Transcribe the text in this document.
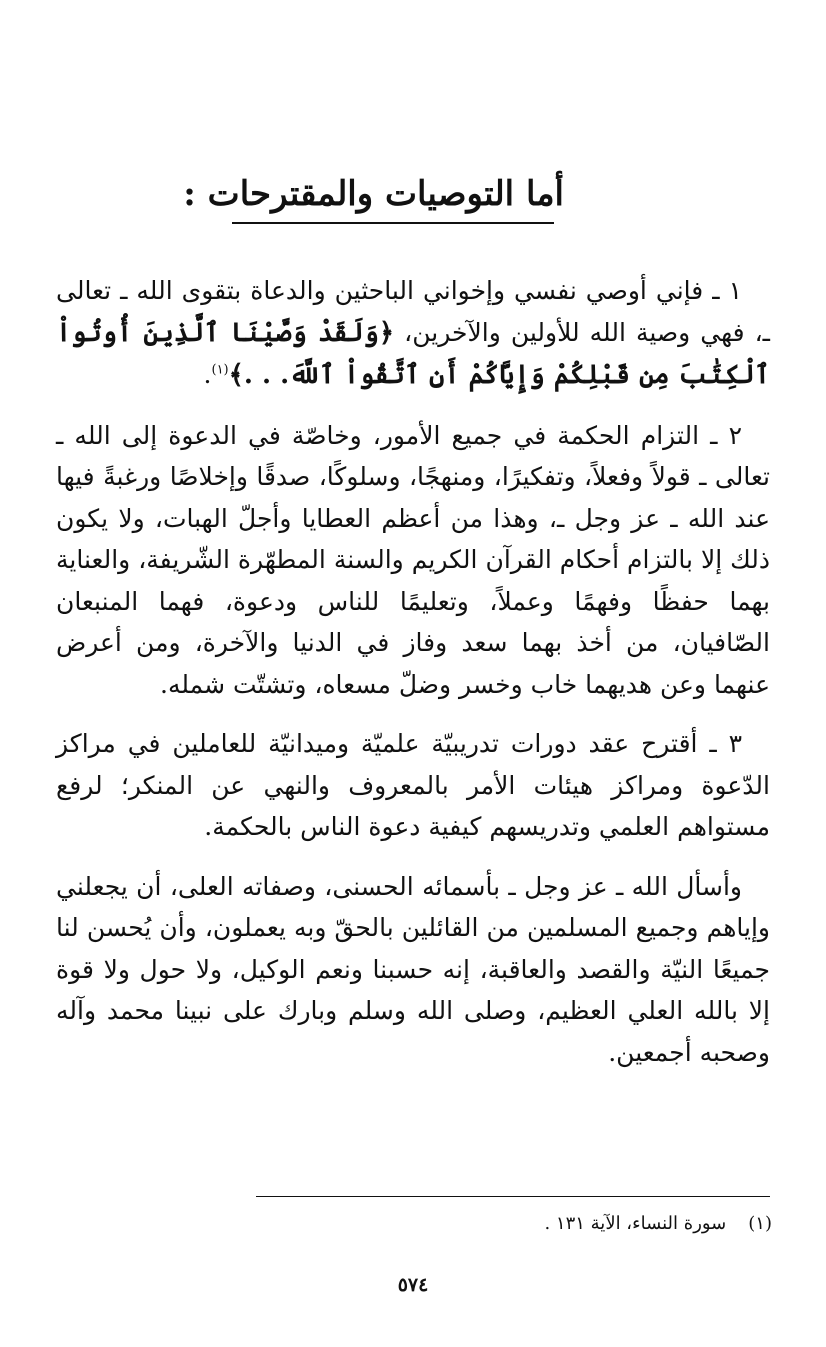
أما التوصيات والمقترحات :

١ ـ فإني أوصي نفسي وإخواني الباحثين والدعاة بتقوى الله ـ تعالى ـ، فهي وصية الله للأولين والآخرين، ﴿وَلَقَدْ وَصَّيْنَا ٱلَّذِينَ أُوتُواْ ٱلْكِتَٰبَ مِن قَبْلِكُمْ وَإِيَّاكُمْ أَنِ ٱتَّقُواْ ٱللَّهَ. . .﴾$^{(١)}$.

٢ ـ التزام الحكمة في جميع الأمور، وخاصّة في الدعوة إلى الله ـ تعالى ـ قولاً وفعلاً، وتفكيرًا، ومنهجًا، وسلوكًا، صدقًا وإخلاصًا ورغبةً فيها عند الله ـ عز وجل ـ، وهذا من أعظم العطايا وأجلّ الهبات، ولا يكون ذلك إلا بالتزام أحكام القرآن الكريم والسنة المطهّرة الشّريفة، والعناية بهما حفظًا وفهمًا وعملاً، وتعليمًا للناس ودعوة، فهما المنبعان الصّافيان، من أخذ بهما سعد وفاز في الدنيا والآخرة، ومن أعرض عنهما وعن هديهما خاب وخسر وضلّ مسعاه، وتشتّت شمله.

٣ ـ أقترح عقد دورات تدريبيّة علميّة وميدانيّة للعاملين في مراكز الدّعوة ومراكز هيئات الأمر بالمعروف والنهي عن المنكر؛ لرفع مستواهم العلمي وتدريسهم كيفية دعوة الناس بالحكمة.

وأسأل الله ـ عز وجل ـ بأسمائه الحسنى، وصفاته العلى، أن يجعلني وإياهم وجميع المسلمين من القائلين بالحقّ وبه يعملون، وأن يُحسن لنا جميعًا النيّة والقصد والعاقبة، إنه حسبنا ونعم الوكيل، ولا حول ولا قوة إلا بالله العلي العظيم، وصلى الله وسلم وبارك على نبينا محمد وآله وصحبه أجمعين.

(١)سورة النساء، الآية ١٣١ .
٥٧٤
